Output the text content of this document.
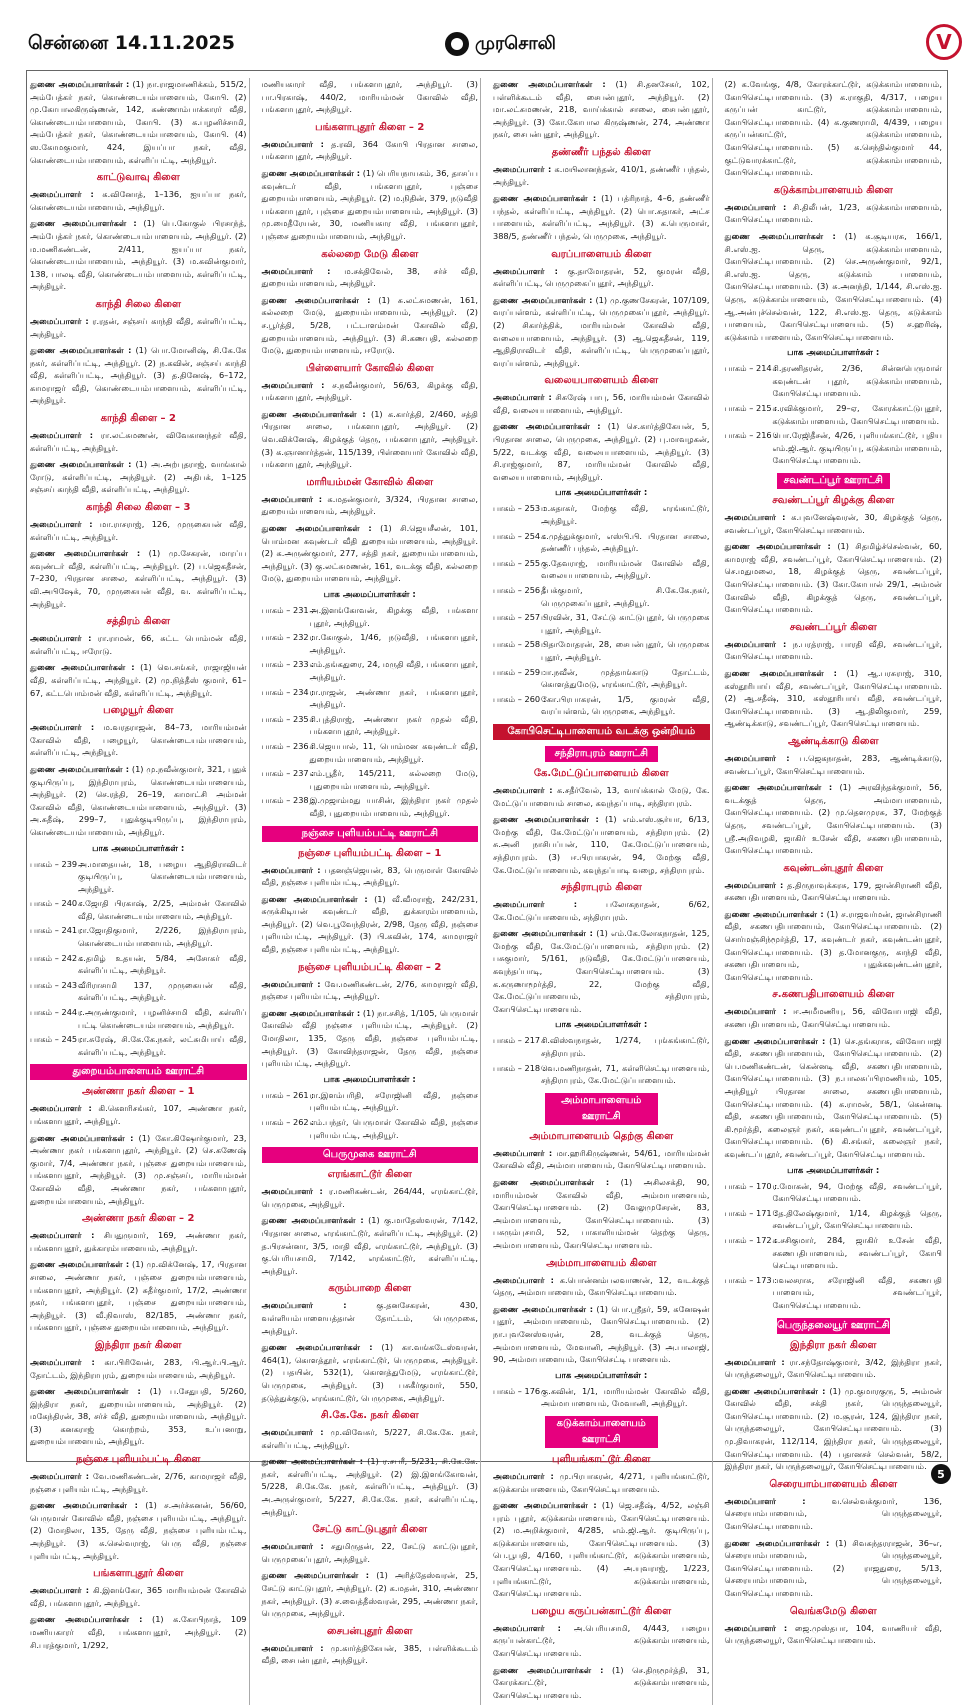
சென்னை 14.11.2025	முரசொலி	V
துணை அமைப்பாளர்கள் : (1) நா.ராஜமாணிக்கம், 515/2, அம்பேத்கர் நகர், கொண்டையம்பாளையம், கோபி. (2) மு.கோபாலகிருஷ்ணன், 142, கண்ணாம்பாக்காரர் வீதி, கொண்டையம்பாளையம், கோபி. (3) க.பழனிச்சாமி, அம்பேத்கர் நகர், கொண்டையம்பாளையம், கோபி. (4) ஸ.கோமகுமார், 424, இயப்பா நகர், வீதி, கொண்டையம்பாளையம், கள்ளிப்பட்டி, அந்தியூர்.
காட்டுவாவு கிளை
அமைப்பாளர் : க.வினோத், 1–136, ஐயப்பா நகர், கொண்டையம்பாளையம், அந்தியூர்.
துணை அமைப்பாளர்கள் : (1) பெ.கோகுல் பிரசாந்த், அம்பேத்கர் நகர், கொண்டையம்பாளையம், அந்தியூர். (2) ம.மணிகண்டன், 2/411, ஐயப்பா நகர், கொண்டையம்பாளையம், அந்தியூர். (3) ம.கவின்குமார், 138, பாலடி வீதி, கொண்டையம்பாளையம், கள்ளிப்பட்டி, அந்தியூர்.
காந்தி சிலை கிளை
அமைப்பாளர் : ர.ரதன், சஞ்சய் காந்தி வீதி, கள்ளிப்பட்டி, அந்தியூர்.
துணை அமைப்பாளர்கள் : (1) பொ.மோனிஷ், சி.கே.கே நகர், கள்ளிப்பட்டி, அந்தியூர். (2) ந.கவின், சஞ்சய் காந்தி வீதி, கள்ளிப்பட்டி, அந்தியூர். (3) த.தினேஷ், 6–172, காமராஜர் வீதி, கொண்டையம்பாளையம், கள்ளிப்பட்டி, அந்தியூர்.
காந்தி கிளை – 2
அமைப்பாளர் : ரா.லட்சுமணன், விவேகானந்தர் வீதி, கள்ளிப்பட்டி, அந்தியூர்.
துணை அமைப்பாளர்கள் : (1) அ.அற்புதராஜ், வாங்கால் ரோடு, கள்ளிப்பட்டி, அந்தியூர். (2) அதிபக், 1–125 சஞ்சய் காந்தி வீதி, கள்ளிப்பட்டி, அந்தியூர்.
காந்தி சிலை கிளை – 3
அமைப்பாளர் : மா.ராசராஜ், 126, முருகையன் வீதி, கள்ளிப்பட்டி, அந்தியூர்.
துணை அமைப்பாளர்கள் : (1) மு.சேகரன், மாரப்ப கவுண்டர் வீதி, கள்ளிப்பட்டி, அந்தியூர். (2) ப.ஜெகதீசன், 7–230, பிரதான சாலை, கள்ளிப்பட்டி, அந்தியூர். (3) வி.அபிஷேக், 70, முருகையன் வீதி, வ. கள்ளிப்பட்டி, அந்தியூர்.
சத்திரம் கிளை
அமைப்பாளர் : ரா.ராமன், 66, சுட்ட பொம்மன் வீதி, கள்ளிப்பட்டி, ஈரோடு.
துணை அமைப்பாளர்கள் : (1) வெ.சங்கர், ராஜாஜியன் வீதி, கள்ளிப்பட்டி, அந்தியூர். (2) மு.நித்தீஸ் குமார், 61–67, கட்டபொம்மன் வீதி, கள்ளிப்பட்டி, அந்தியூர்.
பழையூர் கிளை
அமைப்பாளர் : ம.வரதராஜன், 84–73, மாரியம்மன் கோவில் வீதி, பழையூர், கொண்டையம்பாளையம், கள்ளிப்பட்டி, அந்தியூர்.
துணை அமைப்பாளர்கள் : (1) மு.நவீன்குமார், 321, புதுக் குடியிருப்பு, இந்திராபுரம், கொண்டையம்பாளையம், அந்தியூர். (2) செ.ரத்தி, 26–19, காமாட்சி அம்மன் கோவில் வீதி, கொண்டையம்பாளையம், அந்தியூர். (3) அ.சுதீஷ், 299–7, புதுக்குடியிருப்பு, இந்திராபுரம், கொண்டையம்பாளையம், அந்தியூர்.
பாக அமைப்பாளர்கள் :
பாகம் – 239 :
அ.மாதையன், 18, பழைய ஆதிதிராவிடர் குடியிருப்பு, கொண்டையம்பாளையம், அந்தியூர்.
பாகம் – 240 :
ச.ஜோதி பிரகாஷ், 2/25, அம்மன் கோவில் வீதி, கொண்டையம்பாளையம், அந்தியூர்.
பாகம் – 241 :
ரா.ஜோதிகுமார், 2/226, இந்திராபுரம், கொண்டையம்பாளையம், அந்தியூர்.
பாகம் – 242 :
க.தமிழ் உதயன், 5/84, அசோகர் வீதி, கள்ளிப்பட்டி, அந்தியூர்.
பாகம் – 243 :
வீரிராசாமி 137, முருகையன் வீதி, கள்ளிப்பட்டி, அந்தியூர்.
பாகம் – 244 :
ர.அருண்குமார், பழனிச்சாமி வீதி, கள்ளிப் பட்டி கொண்டையம்பாளையம், அந்தியூர்.
பாகம் – 245 :
ரா.சுரேஷ், சி.கே.கே.நகர், லட்சுமிபாய் வீதி, கள்ளிப்பட்டி, அந்தியூர்.
துறையம்பாளையம் ஊராட்சி
அண்ணா நகர் கிளை – 1
அமைப்பாளர் : கி.கௌரிசங்கர், 107, அண்ணா நகர், பங்களாபுதூர், அந்தியூர்.
துணை அமைப்பாளர்கள் : (1) கோ.கிஷோர்குமார், 23, அண்ணா நகர் பங்களாபுதூர், அந்தியூர். (2) செ.கணேஷ் குமார், 7/4, அண்ணா நகர், புஞ்சை துறையம்பாளையம், பங்களாபுதூர், அந்தியூர். (3) மு.சஞ்சய், மாரியம்மன் கோவில் வீதி, அண்ணா நகர், பங்களாபுதூர், துறையம்பாளையம், அந்தியூர்.
அண்ணா நகர் கிளை – 2
அமைப்பாளர் : சிபதுருமார், 169, அண்ணா நகர், பங்களாபுதூர், துக்காரம்பாளையம், அந்தியூர்.
துணை அமைப்பாளர்கள் : (1) மு.விக்னேஷ், 17, பிரதான சாலை, அண்ணா நகர், புஞ்சை துறையம்பாளையம், பங்களாபுதூர், அந்தியூர். (2) சுதீர்குமார், 17/2, அண்ணா நகர், பங்களாபுதூர், புஞ்சை துறையம்பாளையம், அந்தியூர். (3) வீ.நிவாஸ், 82/185, அண்ணா நகர், பங்களாபுதூர், புஞ்சை துறையம்பாளையம், அந்தியூர்.
இந்திரா நகர் கிளை
அமைப்பாளர் : கா.பிரிவேன், 283, பி.ஆர்.பி.ஆர். தோட்டம், இந்திராபுரம், துறையம்பாளையம், அந்தியூர்.
துணை அமைப்பாளர்கள் : (1) ப.சேதுபதி, 5/260, இந்திரா நகர், துறையம்பாளையம், அந்தியூர். (2) மகேந்திரன், 38, சர்ச் வீதி, துறையம்பாளையம், அந்தியூர். (3) கனகராஜ் கொற்றம், 353, உப்பனாறு, துறையம்பாளையம், அந்தியூர்.
நஞ்சை புளியம்பட்டி கிளை
அமைப்பாளர் : வே.மணிகண்டன், 2/76, காமராஜர் வீதி, நஞ்சை புளியம்பட்டி, அந்தியூர்.
துணை அமைப்பாளர்கள் : (1) ச.அர்ச்சுனன், 56/60, பெருமாள் கோவில் வீதி, நஞ்சை புளியம்பட்டி, அந்தியூர். (2) மோதிலா, 135, தேரு வீதி, நஞ்சை புளியம்பட்டி, அந்தியூர். (3) சு.செல்வராஜ், பெரு வீதி, நஞ்சை புளியம்பட்டி, அந்தியூர்.
பங்களாபுதூர் கிளை
அமைப்பாளர் : கி.இளங்கோ, 365 மாரியம்மன் கோவில் வீதி, பங்களாபுதூர், அந்தியூர்.
துணை அமைப்பாளர்கள் : (1) க.கோபிநாத், 109 மணியகாரர் வீதி, பங்களாபுதூர், அந்தியூர். (2) சி.பரத்குமார், 1/292,
மணியகாரர் வீதி, பங்களாபுதூர், அந்தியூர். (3) பா.பிரகாஷ், 440/2, மாரியம்மன் கோவில் வீதி, பங்களாபுதூர், அந்தியூர்.
பங்களாபுதூர் கிளை – 2
அமைப்பாளர் : த.ரவி, 364 கோபி பிரதான சாலை, பங்களாபுதூர், அந்தியூர்.
துணை அமைப்பாளர்கள் : (1) பெரியநாயகம், 36, தாசப்ப கவுண்டர் வீதி, பங்களாபுதூர், புஞ்சை துறையம்பாளையம், அந்தியூர். (2) ம.நிதின், 379, நடுவீதி பங்களாபுதூர், புஞ்சை துறையம்பாளையம், அந்தியூர். (3) மு.மைதீரேயன், 30, மணியகார வீதி, பங்களாபுதூர், புஞ்சை துறையம்பாளையம், அந்தியூர்.
கல்லறை மேடு கிளை
அமைப்பாளர் : ம.சக்திவேல், 38, சர்ச் வீதி, துறையம்பாளையம், அந்தியூர்.
துணை அமைப்பாளர்கள் : (1) சு.லட்சுமணன், 161, கல்லறை மேடு, துறையம்பாளையம், அந்தியூர். (2) ச.பூர்த்தி, 5/28, பட்டாளம்மன் கோவில் வீதி, துறையம்பாளையம், அந்தியூர். (3) சி.கணபதி, கல்லறை மேடு, துறையம்பாளையம், ஈரோடு.
பிள்ளையார் கோவில் கிளை
அமைப்பாளர் : ச.நவீன்குமார், 56/63, கிழக்கு வீதி, பங்களாபுதூர், அந்தியூர்.
துணை அமைப்பாளர்கள் : (1) க.கார்த்தி, 2/460, சத்தி பிரதான சாலை, பங்களாபுதூர், அந்தியூர். (2) வெ.விக்னேஷ், கிழக்குத் தெரு, பங்களாபுதூர், அந்தியூர். (3) க.ஞானார்த்தன், 115/139, பிள்ளையார் கோவில் வீதி, பங்களாபுதூர், அந்தியூர்.
மாரியம்மன் கோவில் கிளை
அமைப்பாளர் : க.மதன்குமார், 3/324, பிரதான சாலை, துறையம்பாளையம், அந்தியூர்.
துணை அமைப்பாளர்கள் : (1) சி.ஜெயசீலன், 101, பொம்மன கவுண்டர் வீதி துறையம்பாளையம், அந்தியூர். (2) க.அருண்குமார், 277, சத்தி நகர், துறையம்பாளையம், அந்தியூர். (3) கு.லட்சுமணன், 161, வடக்கு வீதி, கல்லறை மேடு, துறையம்பாளையம், அந்தியூர்.
பாக அமைப்பாளர்கள் :
பாகம் – 231 :
அ.இளங்கோவன், கிழக்கு வீதி, பங்களா புதூர், அந்தியூர்.
பாகம் – 232 :
ரா.கோகுல், 1/46, நடுவீதி, பங்களாபுதூர், அந்தியூர்.
பாகம் – 233 :
எம்.தங்கதுரை, 24, மருதி வீதி, பங்களாபுதூர், அந்தியூர்.
பாகம் – 234 :
ரா.ராஜன், அண்ணா நகர், பங்களாபுதூர், அந்தியூர்.
பாகம் – 235 :
சி.புத்திராஜ், அண்ணா நகர் முதல் வீதி, பங்களாபுதூர், அந்தியூர்.
பாகம் – 236 :
சி.ஜெயபால், 11, பொம்மன கவுண்டர் வீதி, துறையம்பாளையம், அந்தியூர்.
பாகம் – 237 :
எம்.பூதீர், 145/211, கல்லறை மேடு, புதுறையம்பாளையம், அந்தியூர்.
பாகம் – 238 :
இ.முஜாம்மது யாசின், இந்திரா நகர் முதல் வீதி, புதுறையம்பாளையம், அந்தியூர்.
நஞ்சை புளியம்பட்டி ஊராட்சி
நஞ்சை புளியம்பட்டி கிளை – 1
அமைப்பாளர் : பதனஞ்ஜெயன், 83, பெருமாள் கோவில் வீதி, நஞ்சை புளியம்பட்டி, அந்தியூர்.
துணை அமைப்பாளர்கள் : (1) வீ.வீமராஜ், 242/231, சுருக்கிடியன் கவுண்டர் வீதி, துக்காரம்பாளையம், அந்தியூர். (2) வெ.பூவேந்திரன், 2/98, தேரு வீதி, நஞ்சை புளியம்பட்டி, அந்தியூர். (3) பி.கவின், 174, காமராஜர் வீதி, நஞ்சை புளியம்பட்டி, அந்தியூர்.
நஞ்சை புளியம்பட்டி கிளை – 2
அமைப்பாளர் : வே.மணிகண்டன், 2/76, காமராஜர் வீதி, நஞ்சை புளியம்பட்டி, அந்தியூர்.
துணை அமைப்பாளர்கள் : (1) நா.சசித், 1/105, பெருமாள் கோவில் வீதி நஞ்சை புளியம்பட்டி, அந்தியூர். (2) மோதிலா, 135, தேரு வீதி, நஞ்சை புளியம்பட்டி, அந்தியூர். (3) கோவிந்தராஜன், தேரு வீதி, நஞ்சை புளியம்பட்டி, அந்தியூர்.
பாக அமைப்பாளர்கள் :
பாகம் – 261 :
ரா.இளம்பரிதி, சரோஜினி வீதி, நஞ்சை புளியம்பட்டி, அந்தியூர்.
பாகம் – 262 :
எம்.பந்தர், பெருமாள் கோவில் வீதி, நஞ்சை புளியம்பட்டி, அந்தியூர்.
பெருமுகை ஊராட்சி
எரங்காட்டூர் கிளை
அமைப்பாளர் : ர.மணிகண்டன், 264/44, எரங்காட்டூர், பெருமுகை, அந்தியூர்.
துணை அமைப்பாளர்கள் : (1) கு.மாதேஸ்வரன், 7/142, பிரதான சாலை, எரங்காட்டூர், கள்ளிப்பட்டி, அந்தியூர். (2) த.பிரசன்னா, 3/5, மாதி வீதி, எரங்காட்டூர், அந்தியூர். (3) கு.பெரியசாமி, 7/142, எரங்காட்டூர், கள்ளிப்பட்டி, அந்தியூர்.
கரும்பாறை கிளை
அமைப்பாளர் :	கு.தனசேகரன், 430, வள்ளியம்பாளையத்தான் தோட்டம், பெருமுகை, அந்தியூர்.
துணை அமைப்பாளர்கள் : (1) கா.வங்கடேஸ்வரன், 464(1), கொளத்தூர், எரங்காட்டூர், பெருமுகை, அந்தியூர். (2) பதயின், 532(1), கொளத்துமேடு, எரங்காட்டூர், பெருமுகை, அந்தியூர். (3) பசுகீர்குமார், 550, தடுத்துக்குடு, எரங்காட்டூர், பெருமுகை, அந்தியூர்.
சி.கே.கே. நகர் கிளை
அமைப்பாளர் : மு.விவேசுர், 5/227, சி.கே.கே. நகர், கள்ளிப்பட்டி, அந்தியூர்.
துணை அமைப்பாளர்கள் : (1) ர.சபரீ, 5/231, சி.கே.கே. நகர், கள்ளிப்பட்டி, அந்தியூர். (2) இ.இளங்கோவன், 5/228, சி.கே.கே. நகர், கள்ளிப்பட்டி, அந்தியூர். (3) அ.அருள்குமார், 5/227, சி.கே.கே. நகர், கள்ளிப்பட்டி, அந்தியூர்.
சேட்டு காட்டுபுதூர் கிளை
அமைப்பாளர் : சதுமிருதன், 22, சேட்டு காட்டுபுதூர், பெருமுகைப்புதூர், அந்தியூர்.
துணை அமைப்பாளர்கள் : (1) அரித்தேஸ்வரன், 25, சேட்டு காட்டுபுதூர், அந்தியூர். (2) க.மதன், 310, அண்ணா நகர், அந்தியூர். (3) ச.வைத்தீஸ்வரன், 295, அண்ணா நகர், பெருமுகை, அந்தியூர்.
சைபன்புதூர் கிளை
அமைப்பாளர் : மு.கார்த்திகேயன், 385, பள்ளிக்கூடம் வீதி, சைபன்புதூர், அந்தியூர்.
துணை அமைப்பாளர்கள் : (1) சி.தனசேகர், 102, பள்ளிக்கூடம் வீதி, சைபன்புதூர், அந்தியூர். (2) மா.லட்சுமணன், 218, வாய்க்கால் சாலை, சைபன்புதூர், அந்தியூர். (3) கோ.கோபால கிருஷ்ணன், 274, அண்ணா நகர், சைபன்புதூர், அந்தியூர்.
தண்ணீர் பந்தல் கிளை
அமைப்பாளர் : க.மயிலானந்தன், 410/1, தண்ணீர் பந்தல், அந்தியூர்.
துணை அமைப்பாளர்கள் : (1) பத்ரிநாத், 4–6, தண்ணீர் பந்தல், கள்ளிப்பட்டி, அந்தியூர். (2) பொ.சுதாகர், அட்ச பாளையம், கள்ளிப்பட்டி, அந்தியூர். (3) க.பெருமாள், 388/5, தண்ணீர் பந்தல், பெருமுகை, அந்தியூர்.
வரப்பாளையம் கிளை
அமைப்பாளர் : கு.தாமோதரன், 52, குமரன் வீதி, கள்ளிப்பட்டி, பெருமுகைப்புதூர், அந்தியூர்.
துணை அமைப்பாளர்கள் : (1) மு.குணசேகரன், 107/109, வரப்பள்ளம், கள்ளிப்பட்டி, பெருமுகைப்புதூர், அந்தியூர். (2) சிகார்த்திக், மாரியம்மன் கோவில் வீதி, வலையபாளையம், அந்தியூர். (3) ஆ.ஜெகதீசன், 119, ஆதிதிராவிடர் வீதி, கள்ளிப்பட்டி, பெருமுகைப்புதூர், வரப்பள்ளம், அந்தியூர்.
வலையபாளையம் கிளை
அமைப்பாளர் : சிசுரேஷ் பாபு, 56, மாரியம்மன் கோவில் வீதி, வலையபாளையம், அந்தியூர்.
துணை அமைப்பாளர்கள் : (1) செ.கார்த்திகேயன், 5, பிரதான சாலை, பெருமுகை, அந்தியூர். (2) பு.மாவழகன், 5/22, வடக்கு வீதி, வலையபாளையம், அந்தியூர். (3) சி.ராஜ்குமார், 87, மாரியம்மன் கோவில் வீதி, வலையபாளையம், அந்தியூர்.
பாக அமைப்பாளர்கள் :
பாகம் – 253 :
ம.சுதாகர், மேற்கு வீதி, எரங்காட்டூர், அந்தியூர்.
பாகம் – 254 :
க.முத்துக்குமார், எஸ்பி.பி. பிரதான சாலை, தண்ணீர் பந்தல், அந்தியூர்.
பாகம் – 255 :
கு.தேவராஜ், மாரியம்மன் கோவில் வீதி, வலையபாளையம், அந்தியூர்.
பாகம் – 256 :
தீபக்குமார், சி.கே.கே.நகர், பெருமுகைப்புதூர், அந்தியூர்.
பாகம் – 257 :
பிரவின், 31, சேட்டு காட்டுபுதூர், பெருமுகை புதூர், அந்தியூர்.
பாகம் – 258 :
பிதாமோதரன், 28, சைபன்புதூர், பெருமுகை புதூர், அந்தியூர்.
பாகம் – 259 :
பா.நவீன், முத்தாங்காடு தோட்டம், கொளத்துமேடு, எரங்காட்டூர், அந்தியூர்.
பாகம் – 260 :
கோ.பிரபாகரன், 1/5, குமரன் வீதி, வரப்பள்ளம், பெருமுகை, அந்தியூர்.
கோபிசெட்டிபாளையம் வடக்கு ஒன்றியம்
சந்திராபுரம் ஊராட்சி
கே.மேட்டுப்பாளையம் கிளை
அமைப்பாளர் : க.சதீர்வேல், 13, வாய்க்கால் மேடு, கே. மேட்டுப்பாளையம் சாலை, கவுந்தப்பாடி, சந்திராபுரம்.
துணை அமைப்பாளர்கள் : (1) எம்.எஸ்.சூர்யா, 6/13, மேற்கு வீதி, கே.மேட்டுப்பாளையம், சந்திராபுரம். (2) சு.அனி நாசிபப்பன், 110, கே.மேட்டுப்பாளையம், சந்திராபுரம். (3) ஈ.பிரபாகரன், 94, மேற்கு வீதி, கே.மேட்டுப்பாளையம், கவுந்தப்பாடி வழை, சந்திராபுரம்.
சந்திராபுரம் கிளை
அமைப்பாளர் :	பலோகநாதன், 6/62, கே.மேட்டுப்பாளையம், சந்திராபுரம்.
துணை அமைப்பாளர்கள் : (1) எம்.கே.லோகநாதன், 125, மேற்கு வீதி, கே.மேட்டுப்பாளையம், சந்திராபுரம். (2) பசுகுமார், 5/161, நடுவீதி, கே.மேட்டுப்பாளையம், கவுந்தப்பாடி, கோபிசெட்டிபாளையம். (3) க.கருணாமூர்த்தி, 22, மேற்கு வீதி, கே.மேட்டுப்பாளையம், சந்திராபுரம், கோபிசெட்டிபாளையம்.
பாக அமைப்பாளர்கள் :
பாகம் – 217 :
சி.விஸ்வநாதன், 1/274, புங்கங்காட்டூர், சந்திராபுரம்.
பாகம் – 218 :
வெ.மணிநாதன், 71, கள்ளிசெட்டிபாளையம், சந்திராபுரம், கே.மேட்டுப்பாளையம்.
அம்மாபாளையம் ஊராட்சி
அம்மாபாளையம் தெற்கு கிளை
அமைப்பாளர் : மா.ஹரிகிருஷ்ணன், 54/61, மாரியம்மன் கோவில் வீதி, அம்மாபாளையம், கோபிசெட்டிபாளையம்.
துணை அமைப்பாளர்கள் : (1) அசிலசக்தி, 90, மாரியம்மன் கோவில் வீதி, அம்மாபாளையம், கோபிசெட்டிபாளையம். (2) வேலுமுசேரன், 83, அம்மாபாளையம், கோபிசெட்டிபாளையம். (3) பசுரும்புசாமி, 52, பாகாளியம்மன் தெற்கு தெரு, அம்மாபாளையம், கோபிசெட்டிபாளையம்.
அம்மாபாளையம் கிளை
அமைப்பாளர் : க.பொன்னம்பலவாணன், 12, வடக்குத் தெரு, அம்மாபாளையம், கோபிசெட்டிபாளையம்.
துணை அமைப்பாளர்கள் : (1) பொ.ஸ்ரீதர், 59, கனேஷன் புதூர், அம்மாபாளையம், கோபிசெட்டிபாளையம். (2) நா.புவனேஸ்வரன், 28, வடக்குத் தெரு, அம்மாபாளையம், மேவானி, அந்தியூர். (3) அ.பாலாஜி, 90, அம்மாபாளையம், கோபிசெட்டி பாளையம்.
பாக அமைப்பாளர்கள் :
பாகம் – 176 :
கு.கவின், 1/1, மாரியம்மன் கோவில் வீதி, அம்மாபாளையம், மேவானி, அந்தியூர்.
கடுக்காம்பாளையம் ஊராட்சி
புளியங்காட்டூர் கிளை
அமைப்பாளர் : மு.பிரபாகரன், 4/271, புளியங்காட்டூர், கடுக்காம்பாளையம், கோபிசெட்டிபாளையம்.
துணை அமைப்பாளர்கள் : (1) ஜெ.சதீஷ், 4/52, லஞ்சி புரம் புதூர், கடுக்காம்பாளையம், கோபிசெட்டிபாளையம். (2) ம.அறிக்குமார், 4/285, எம்.ஜி.ஆர். குடியிருப்பு, கடுக்காம்பாளையம், கோபிசெட்டிபாளையம். (3) பெ.பூபதி, 4/160, புளியங்காட்டூர், கடுக்காம்பாளையம், கோபிசெட்டிபாளையம். (4) அ.யுவராஜ், 1/223, புளியங்காட்டூர், கடுக்காம்பாளையம், கோபிசெட்டிபாளையம்.
பழைய கருப்பன்காட்டூர் கிளை
அமைப்பாளர் : அ.பெரியசாமி, 4/443, பழைய கருப்பன்காட்டூர், கடுக்காம்பாளையம், கோபிசெட்டிபாளையம்.
துணை அமைப்பாளர்கள் : (1) செ.திருமூர்த்தி, 31, கோரக்காட்டூர், கடுக்காம்பாளையம், கோபிசெட்டிபாளையம்.
(2) க.வேங்கு, 4/8, கோரக்காட்டூர், கடுக்காம்பாளையம், கோபிசெட்டிபாளையம். (3) க.ராகுதி, 4/317, பழைய கருப்பன் காட்டூர், கடுக்காம்பாளையம், கோபிசெட்டிபாளையம். (4) க.குணராமி, 4/439, பழைய கருப்பன்காட்டூர், கடுக்காம்பாளையம், கோபிசெட்டிபாளையம். (5) க.செந்தில்குமார் 44, குட்டுவாரக்காட்டூர், கடுக்காம்பாளையம், கோபிசெட்டிபாளையம்.
கடுக்காம்பாளையம் கிளை
அமைப்பாளர் : சி.திலீபன், 1/23, கடுக்காம்பாளையம், கோபிசெட்டிபாளையம்.
துணை அமைப்பாளர்கள் : (1) க.சூடியரசு, 166/1, சி.எஸ்.ஐ. தெரு, கடுக்காம்பாளையம், கோபிசெட்டிபாளையம். (2) செ.அருண்குமார், 92/1, சி.எஸ்.ஐ. தெரு, கடுக்காம் பாளையம், கோபிசெட்டிபாளையம். (3) சு.அனந்தி, 1/144, சி.எஸ்.ஐ. தெரு, கடுக்காம்பாளையம், கோபிசெட்டிபாளையம். (4) ஆ.அன்புச்செல்வன், 122, சி.எஸ்.ஐ. தெரு, கடுக்காம் பாளையம், கோபிசெட்டிபாளையம். (5) ச.ஹரிஷ், கடுக்காம் பாளையம், கோபிசெட்டிபாளையம்.
பாக அமைப்பாளர்கள் :
பாகம் – 214 :
சி.தரணிதரன், 2/36, சின்னபெருமாள் கவுண்டன் புதூர், கடுக்காம்பாளையம், கோபிசெட்டிபாளையம்.
பாகம் – 215 :
ச.ரவிக்குமார், 29–ஏ, கோரக்காட்டுபுதூர், கடுக்காம்பாளையம், கோபிசெட்டிபாளையம்.
பாகம் – 216 :
பொ.ரேஜிதீசன், 4/26, புளியங்காட்டூர், புதிய எம்.ஜி.ஆர். குடியிருப்பு, கடுக்காம்பாளையம், கோபிசெட்டிபாளையம்.
சவண்டப்பூர் ஊராட்சி
சவண்டப்பூர் கிழக்கு கிளை
அமைப்பாளர் : க.புவனேஷ்வரன், 30, கிழக்குத் தெரு, சவண்டப்பூர், கோபிசெட்டிபாளையம்.
துணை அமைப்பாளர்கள் : (1) சிதமிழ்ச்செல்வன், 60, காமராஜ் வீதி, சவண்டப்பூர், கோபிசெட்டிபாளையம். (2) செ.மதுமலை, 18, கிழக்குத் தெரு, சவண்டப்பூர், கோபிசெட்டிபாளையம். (3) கோ.கோபால் 29/1, அம்மன் கோவில் வீதி, கிழக்குத் தெரு, சவண்டப்பூர், கோபிசெட்டிபாளையம்.
சவண்டப்பூர் கிளை
அமைப்பாளர் : ந.பரத்ராஜ், பாரதி வீதி, சவண்டப்பூர், கோபிசெட்டிபாளையம்.
துணை அமைப்பாளர்கள் : (1) ஆ.பரசுராஜ், 310, கஸ்தூரிபாய் வீதி, சவண்டப்பூர், கோபிசெட்டிபாளையம். (2) ஆ.சதீஷ், 310, கஸ்தூரிபாய் வீதி, சவண்டப்பூர், கோபிசெட்டிபாளையம். (3) ஆ.திலிகுமார், 259, ஆண்டிக்காடு, சவண்டப்பூர், கோபிசெட்டிபாளையம்.
ஆண்டிக்காடு கிளை
அமைப்பாளர் : ப.ஜெகநாதன், 283, ஆண்டிக்காடு, சவண்டப்பூர், கோபிசெட்டிபாளையம்.
துணை அமைப்பாளர்கள் : (1) அரவிந்தக்குமார், 56, வடக்குத் தெரு, அம்மாபாளையம், கோபிசெட்டிபாளையம். (2) மு.தெளமுரசு, 37, மேற்குத் தெரு, சவண்டப்பூர், கோபிசெட்டிபாளையம். (3) ஸ்ரீ.அறிவழகி, ஜாகிர் உசேன் வீதி, சகணபதிபாளையம், கோபிசெட்டிபாளையம்.
கவுண்டன்புதூர் கிளை
அமைப்பாளர் : த.திருநாவுக்கரசு, 179, ஜான்சிராணி வீதி, சகணபதிபாளையம், கோபிசெட்டிபாளையம்.
துணை அமைப்பாளர்கள் : (1) ச.ராஜவர்மன், ஜான்சிராணி வீதி, சகணபதிபாளையம், கோபிசெட்டிபாளையம். (2) சொர்மஞ்சிந்மூர்த்தி, 17, கவுண்டர் நகர், கவுண்டன்புதூர், கோபிசெட்டிபாளையம். (3) த.மோனகுரு, காந்தி வீதி, சகணபதிபாளையம், புதுக்கவுண்டன்புதூர், கோபிசெட்டிபாளையம்.
ச.கணபதிபாளையம் கிளை
அமைப்பாளர் : ஈ.அமீமணியு, 56, விவோபாஜி வீதி, சகணபதிபாளையம், கோபிசெட்டிபாளையம்.
துணை அமைப்பாளர்கள் : (1) செ.தங்கராசு, விவோபாஜி வீதி, சகணபதிபாளையம், கோபிசெட்டிபாளையம். (2) பெ.மணிகண்டன், கென்னடி வீதி, சகணபதிபாளையம், கோபிசெட்டிபாளையம். (3) ந.பாலசுப்பிரமணியம், 105, அந்தியூர் பிரதான சாலை, சகணபதிபாளையம், கோபிசெட்டிபாளையம். (4) க.ராமன், 58/1, கென்னடி வீதி, சகணபதிபாளையம், கோபிசெட்டிபாளையம். (5) கி.மூர்த்தி, கலைஞர் நகர், கவுண்டப்புதூர், சவண்டப்பூர், கோபிசெட்டிபாளையம். (6) கி.சங்கர், கலைஞர் நகர், கவுண்டப்புதூர், சவண்டப்பூர், கோபிசெட்டிபாளையம்.
பாக அமைப்பாளர்கள் :
பாகம் – 170 :
ர.மோகன், 94, மேற்கு வீதி, சவண்டப்பூர், கோபிசெட்டிபாளையம்.
பாகம் – 171 :
தே.திலேஷ்குமார், 1/14, கிழக்குத் தெரு, சவண்டப்பூர், கோபிசெட்டிபாளையம்.
பாகம் – 172 :
க.சசிகுமார், 284, ஜாகிர் உசேன் வீதி, சகணபதிபாளையம், சவண்டப்பூர், கோபி செட்டிபாளையம்.
பாகம் – 173 :
பவலசராசு, சரோஜினி வீதி, சகணபதி பாளையம், சவண்டப்பூர், கோபிசெட்டிபாளையம்.
பெருந்தலையூர் ஊராட்சி
இந்திரா நகர் கிளை
அமைப்பாளர் : ரா.சந்தோஷ்குமார், 3/42, இந்திரா நகர், பெருந்தலையூர், கோபிசெட்டிபாளையம்.
துணை அமைப்பாளர்கள் : (1) மு.குமாரகுரு, 5, அம்மன் கோவில் வீதி, சக்தி நகர், பெருந்தலையூர், கோபிசெட்டிபாளையம். (2) ம.சூரன், 124, இந்திரா நகர், பெருந்தலையூர், கோபிசெட்டிபாளையம். (3) மு.திவாகரன், 112/114, இந்திரா நகர், பெருந்தலையூர், கோபிசெட்டிபாளையம். (4) பதானசச் செல்வன், 58/2, இந்திரா நகர், பெருந்தலையூர், கோபிசெட்டிபாளையம்.
செரையாம்பாளையம் கிளை
அமைப்பாளர் :	வ.செல்வக்குமார், 136, செரையாம்பாளையம், பெருந்தலையூர், கோபிசெட்டிபாளையம்.
துணை அமைப்பாளர்கள் : (1) சிவசுந்தரராஜன், 36–எ, செரையாம்பாளையம், பெருந்தலையூர், கோபிசெட்டிபாளையம். (2) ராஜதுரை, 5/13, செரையாம்பாளையம், பெருந்தலையூர், கோபிசெட்டிபாளையம்.
வெங்கமேடு கிளை
அமைப்பாளர் : ஜை.முஸ்தபா, 104, வாணியர் வீதி, பெருந்தலையூர், கோபிசெட்டிபாளையம்.
5
